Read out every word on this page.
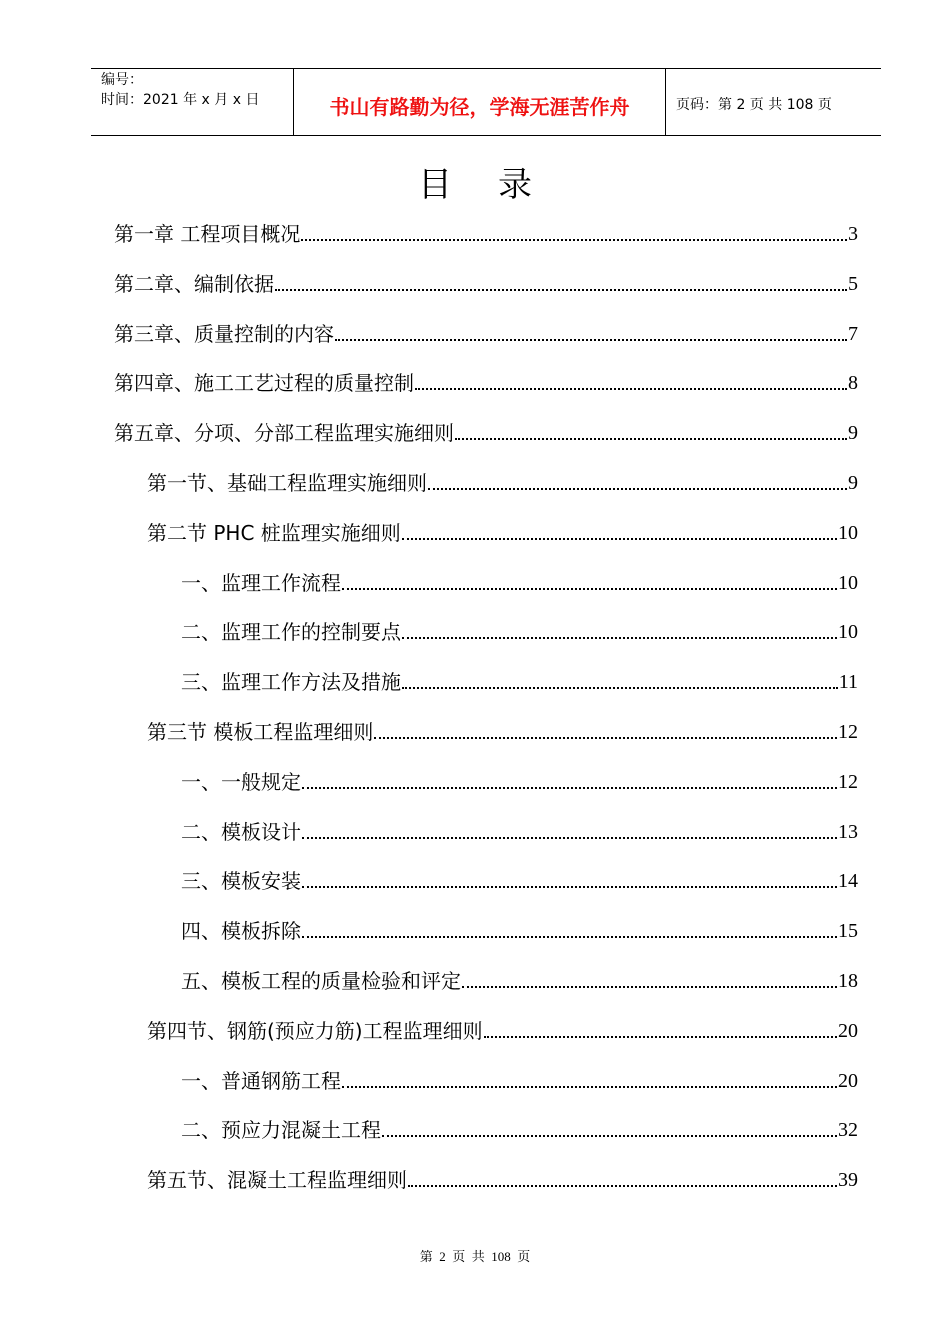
编号：
时间：2021 年 x 月 x 日	书山有路勤为径，学海无涯苦作舟	页码：第 2 页 共 108 页
目录
第一章 工程项目概况	3
第二章、编制依据	5
第三章、质量控制的内容	7
第四章、施工工艺过程的质量控制	8
第五章、分项、分部工程监理实施细则	9
第一节、基础工程监理实施细则	9
第二节 PHC 桩监理实施细则	10
一、监理工作流程	10
二、监理工作的控制要点	10
三、监理工作方法及措施	11
第三节 模板工程监理细则	12
一、一般规定	12
二、模板设计	13
三、模板安装	14
四、模板拆除	15
五、模板工程的质量检验和评定	18
第四节、钢筋(预应力筋)工程监理细则	20
一、普通钢筋工程	20
二、预应力混凝土工程	32
第五节、混凝土工程监理细则	39
第  2  页  共  108  页
